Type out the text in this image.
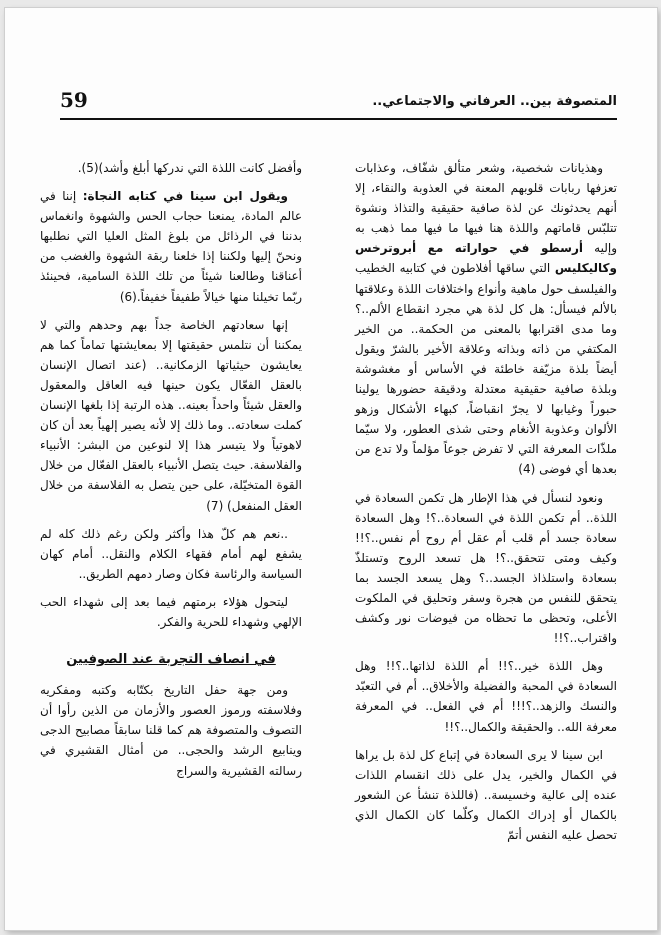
المتصوفة بين.. العرفاني والاجتماعي..
59

وهذيانات شخصية، وشعر متألق شفّاف، وعذابات تعزفها ربابات قلوبهم المعنة في العذوبة والنقاء، إلا أنهم يحدثونك عن لذة صافية حقيقية والتذاذ ونشوة تتلبّس قاماتهم واللذة هنا فيها ما فيها مما ذهب به وإليه أرسطو في حواراته مع أبروترخس وكاليكليس التي ساقها أفلاطون في كتابيه الخطيب والفيلسف حول ماهية وأنواع واختلافات اللذة وعلاقتها بالألم فيسأل: هل كل لذة هي مجرد انقطاع الألم..؟ وما مدى اقترابها بالمعنى من الحكمة.. من الخير المكتفي من ذاته وبذاته وعلاقة الأخير بالشرّ ويقول أيضاً بلذة مزيّفة خاطئة في الأساس أو مغشوشة وبلذة صافية حقيقية معتدلة ودقيقة حضورها يولينا حبوراً وغيابها لا يجرّ انقباضاً، كبهاء الأشكال وزهو الألوان وعذوبة الأنغام وحتى شذى العطور، ولا سيّما ملذّات المعرفة التي لا تفرض جوعاً مؤلماً ولا تدع من بعدها أي فوضى (4)

ونعود لنسأل في هذا الإطار هل تكمن السعادة في اللذة.. أم تكمن اللذة في السعادة..؟! وهل السعادة سعادة جسد أم قلب أم عقل أم روح أم نفس..؟!! وكيف ومتى تتحقق..؟! هل تسعد الروح وتستلذّ بسعادة واستلذاذ الجسد..؟ وهل يسعد الجسد بما يتحقق للنفس من هجرة وسفر وتحليق في الملكوت الأعلى، وتحظى ما تحظاه من فيوضات نور وكشف واقتراب..؟!!

وهل اللذة خير..؟!! أم اللذة لذاتها..؟!! وهل السعادة في المحبة والفضيلة والأخلاق.. أم في التعبّد والنسك والزهد..؟!!! أم في الفعل.. في المعرفة معرفة الله.. والحقيقة والكمال..؟!!

ابن سينا لا يرى السعادة في إتباع كل لذة بل يراها في الكمال والخير، يدل على ذلك انقسام اللذات عنده إلى عالية وخسيسة.. (فاللذة تنشأ عن الشعور بالكمال أو إدراك الكمال وكلّما كان الكمال الذي تحصل عليه النفس أتمّ

وأفضل كانت اللذة التي ندركها أبلغ وأشد)(5).

ويقول ابن سينا في كتابه النجاة: إننا في عالم المادة، يمنعنا حجاب الحس والشهوة وانغماس بدننا في الرذائل من بلوغ المثل العليا التي نطلبها ونحنّ إليها ولكننا إذا خلعنا ربقة الشهوة والغضب من أعناقنا وطالعنا شيئاً من تلك اللذة السامية، فحينئذ ربّما تخيلنا منها خيالاً طفيفاً خفيفاً.(6)

إنها سعادتهم الخاصة جداً بهم وحدهم والتي لا يمكننا أن نتلمس حقيقتها إلا بمعايشتها تماماً كما هم يعايشون حيثياتها الزمكانية.. (عند اتصال الإنسان بالعقل الفعّال يكون حينها فيه العاقل والمعقول والعقل شيئاً واحداً بعينه.. هذه الرتبة إذا بلغها الإنسان كملت سعادته.. وما ذلك إلا لأنه يصير إلهياً بعد أن كان لاهوتياً ولا يتيسر هذا إلا لنوعين من البشر: الأنبياء والفلاسفة. حيث يتصل الأنبياء بالعقل الفعّال من خلال القوة المتخيّلة، على حين يتصل به الفلاسفة من خلال العقل المنفعل) (7)

..نعم هم كلّ هذا وأكثر ولكن رغم ذلك كله لم يشفع لهم أمام فقهاء الكلام والنقل.. أمام كهان السياسة والرئاسة فكان وصار دمهم الطريق..

ليتحول هؤلاء برمتهم فيما بعد إلى شهداء الحب الإلهي وشهداء للحرية والفكر.

في انصاف التجربة عند الصوفيين

ومن جهة حفل التاريخ بكتّابه وكتبه ومفكريه وفلاسفته ورموز العصور والأزمان من الذين رأوا أن التصوف والمتصوفة هم كما قلنا سابقاً مصابيح الدجى وينابيع الرشد والحجى.. من أمثال القشيري في رسالته القشيرية والسراج
